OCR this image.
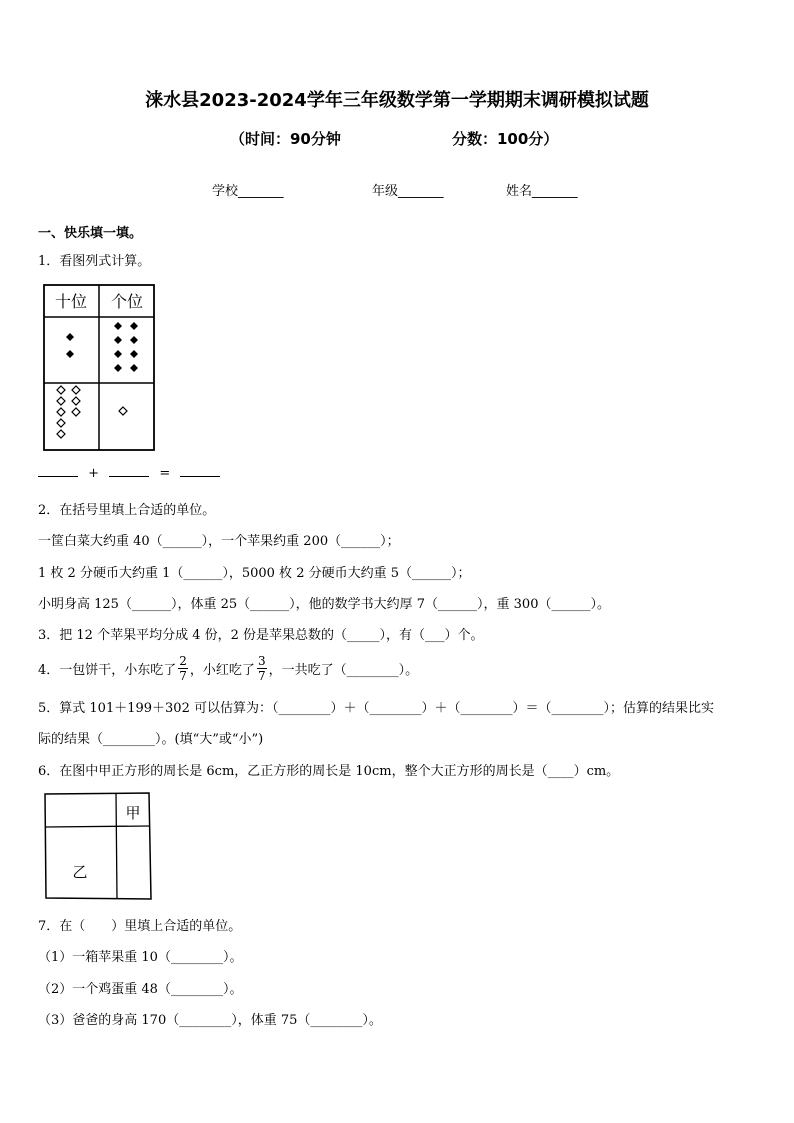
涞水县2023-2024学年三年级数学第一学期期末调研模拟试题
（时间：90分钟	分数：100分）
学校_______	年级_______	姓名_______
一、快乐填一填。
1．看图列式计算。
十位 个位
+	=
2．在括号里填上合适的单位。
一筐白菜大约重 40（______），一个苹果约重 200（______）；
1 枚 2 分硬币大约重 1（______），5000 枚 2 分硬币大约重 5（______）；
小明身高 125（______），体重 25（______），他的数学书大约厚 7（______），重 300（______）。
3．把 12 个苹果平均分成 4 份，2 份是苹果总数的（_____），有（___）个。
4．一包饼干，小东吃了 $\frac{2}{7}$ ，小红吃了 $\frac{3}{7}$ ，一共吃了（________）。
5．算式 101＋199＋302 可以估算为：（________）＋（________）＋（________）＝（________）；估算的结果比实
际的结果（________）。(填“大”或“小”)
6．在图中甲正方形的周长是 6cm，乙正方形的周长是 10cm，整个大正方形的周长是（____）cm。
甲
乙
7．在（　　）里填上合适的单位。
（1）一箱苹果重 10（________）。
（2）一个鸡蛋重 48（________）。
（3）爸爸的身高 170（________），体重 75（________）。
